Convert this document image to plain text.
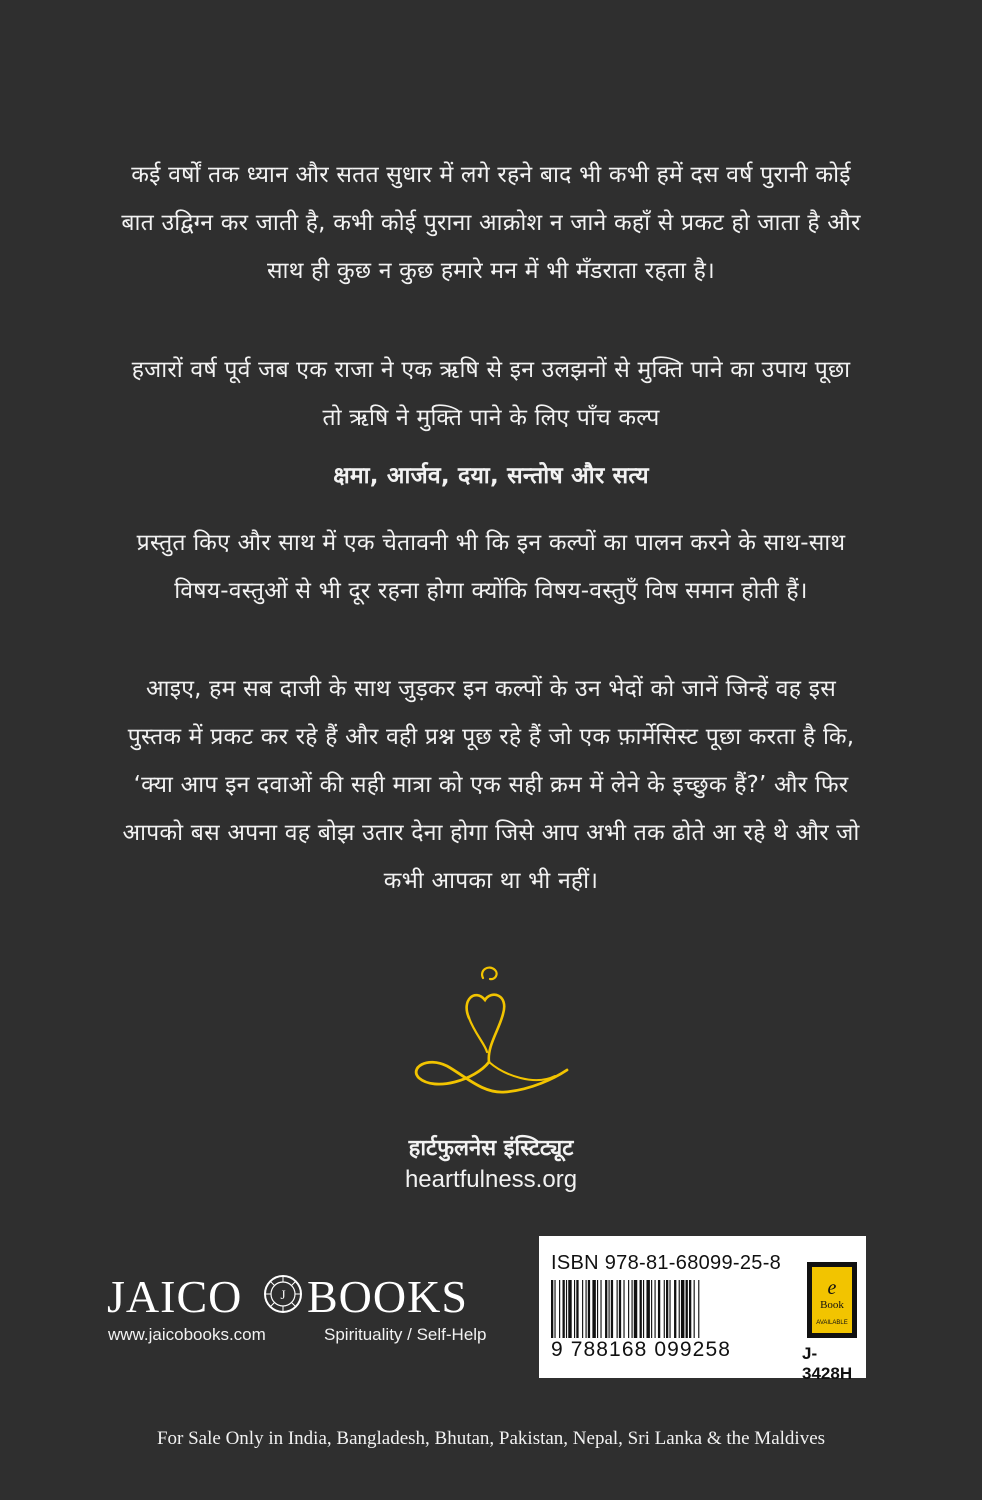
कई वर्षों तक ध्यान और सतत सुधार में लगे रहने बाद भी कभी हमें दस वर्ष पुरानी कोई बात उद्विग्न कर जाती है, कभी कोई पुराना आक्रोश न जाने कहाँ से प्रकट हो जाता है और साथ ही कुछ न कुछ हमारे मन में भी मँडराता रहता है।
हजारों वर्ष पूर्व जब एक राजा ने एक ऋषि से इन उलझनों से मुक्ति पाने का उपाय पूछा तो ऋषि ने मुक्ति पाने के लिए पाँच कल्प
क्षमा, आर्जव, दया, सन्तोष और सत्य
प्रस्तुत किए और साथ में एक चेतावनी भी कि इन कल्पों का पालन करने के साथ-साथ विषय-वस्तुओं से भी दूर रहना होगा क्योंकि विषय-वस्तुएँ विष समान होती हैं।
आइए, हम सब दाजी के साथ जुड़कर इन कल्पों के उन भेदों को जानें जिन्हें वह इस पुस्तक में प्रकट कर रहे हैं और वही प्रश्न पूछ रहे हैं जो एक फ़ार्मेसिस्ट पूछा करता है कि, ‘क्या आप इन दवाओं की सही मात्रा को एक सही क्रम में लेने के इच्छुक हैं?’ और फिर आपको बस अपना वह बोझ उतार देना होगा जिसे आप अभी तक ढोते आ रहे थे और जो कभी आपका था भी नहीं।
हार्टफुलनेस इंस्टिट्यूट
heartfulness.org
JAICO	J BOOKS
www.jaicobooks.com	Spirituality / Self-Help
ISBN 978-81-68099-25-8
9 788168 099258
e
Book
AVAILABLE
J-3428H
For Sale Only in India, Bangladesh, Bhutan, Pakistan, Nepal, Sri Lanka & the Maldives
